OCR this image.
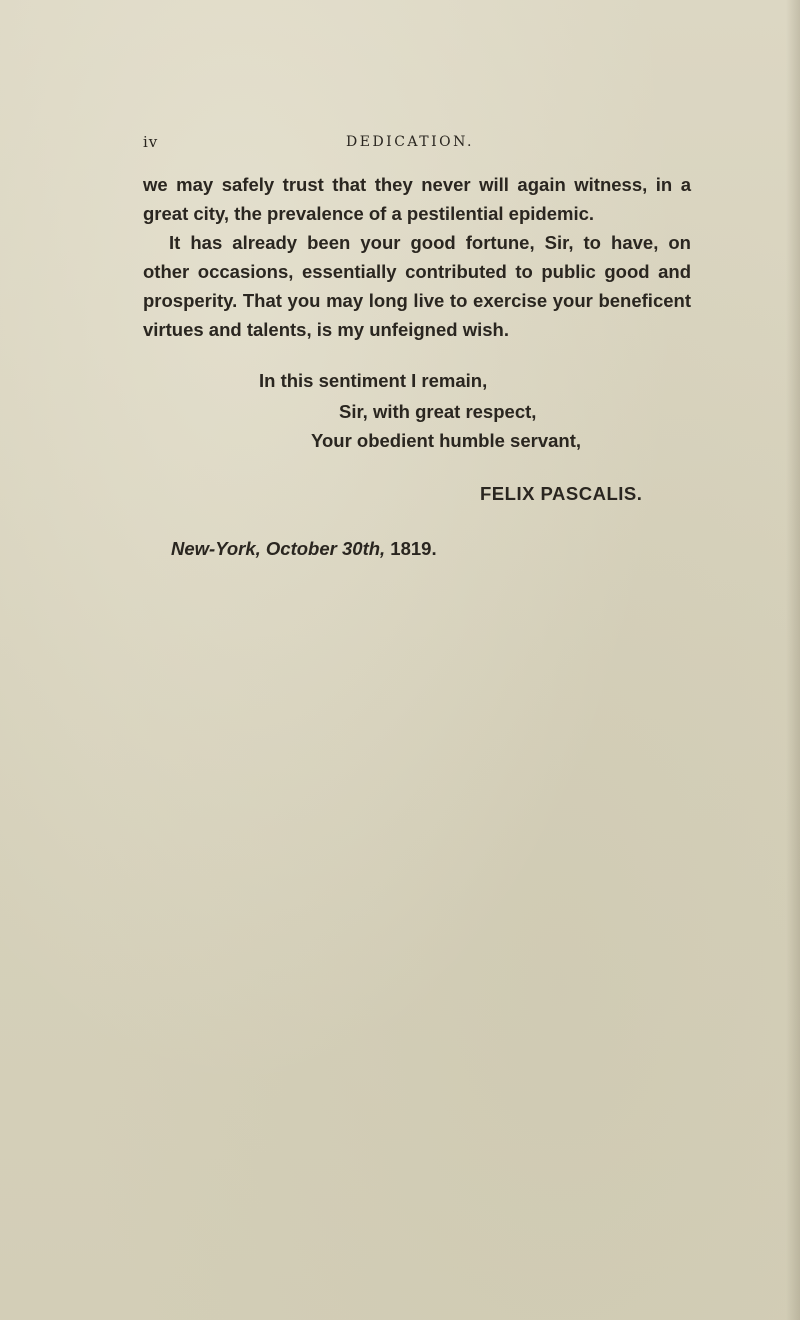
iv	DEDICATION.

we may safely trust that they never will again witness, in a great city, the prevalence of a pestilential epidemic.

It has already been your good fortune, Sir, to have, on other occasions, essentially contributed to public good and prosperity. That you may long live to exercise your beneficent virtues and talents, is my unfeigned wish.

In this sentiment I remain,
Sir, with great respect,
Your obedient humble servant,
FELIX PASCALIS.
New-York, October 30th, 1819.
